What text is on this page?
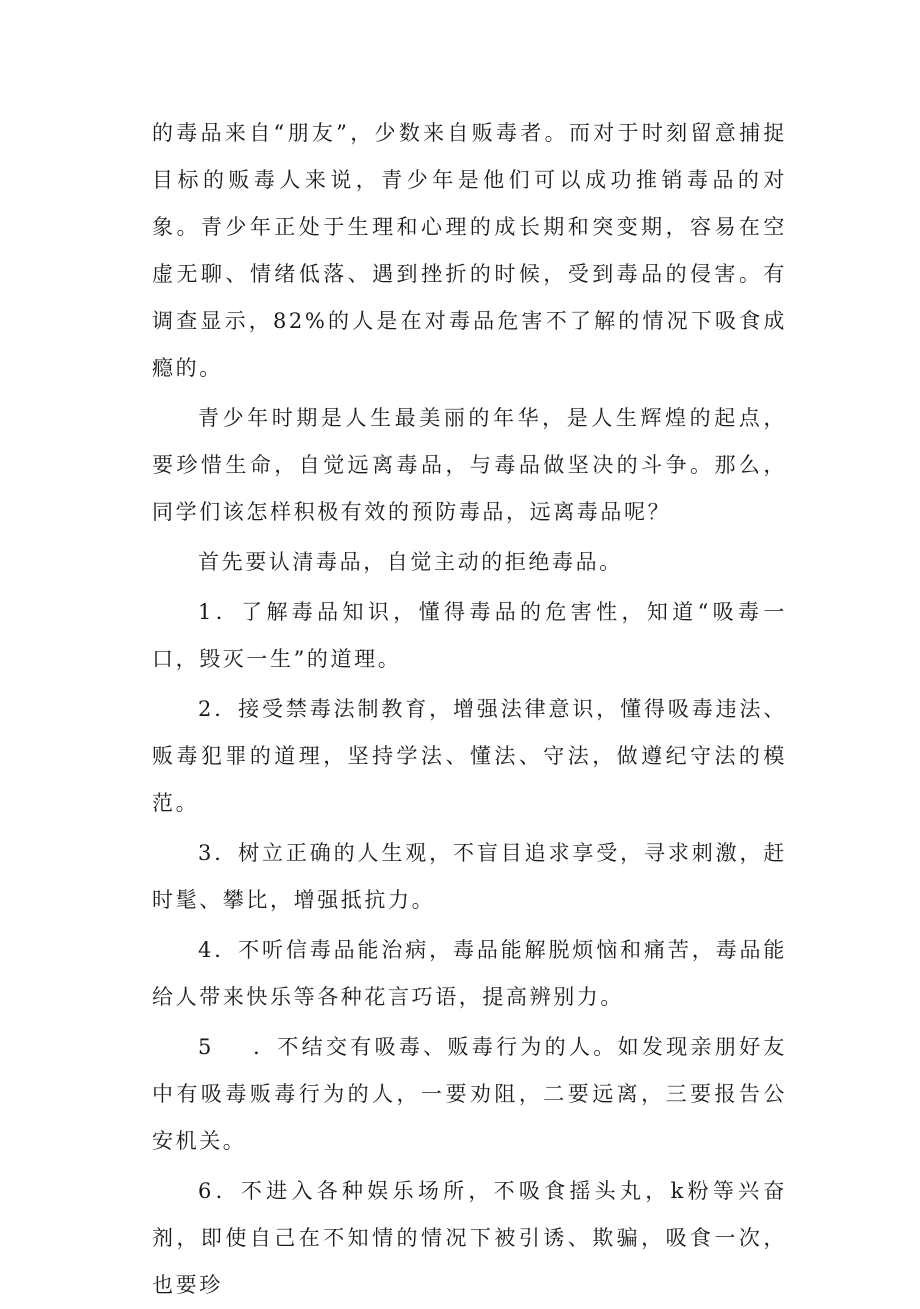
的毒品来自“朋友”，少数来自贩毒者。而对于时刻留意捕捉目标的贩毒人来说，青少年是他们可以成功推销毒品的对象。青少年正处于生理和心理的成长期和突变期，容易在空虚无聊、情绪低落、遇到挫折的时候，受到毒品的侵害。有调查显示，82%的人是在对毒品危害不了解的情况下吸食成瘾的。

青少年时期是人生最美丽的年华，是人生辉煌的起点，要珍惜生命，自觉远离毒品，与毒品做坚决的斗争。那么，同学们该怎样积极有效的预防毒品，远离毒品呢？

首先要认清毒品，自觉主动的拒绝毒品。

1．了解毒品知识，懂得毒品的危害性，知道“吸毒一口，毁灭一生”的道理。

2．接受禁毒法制教育，增强法律意识，懂得吸毒违法、贩毒犯罪的道理，坚持学法、懂法、守法，做遵纪守法的模范。

3．树立正确的人生观，不盲目追求享受，寻求刺激，赶时髦、攀比，增强抵抗力。

4．不听信毒品能治病，毒品能解脱烦恼和痛苦，毒品能给人带来快乐等各种花言巧语，提高辨别力。

5 ．不结交有吸毒、贩毒行为的人。如发现亲朋好友中有吸毒贩毒行为的人，一要劝阻，二要远离，三要报告公安机关。

6．不进入各种娱乐场所，不吸食摇头丸，k粉等兴奋剂，即使自己在不知情的情况下被引诱、欺骗，吸食一次，也要珍
